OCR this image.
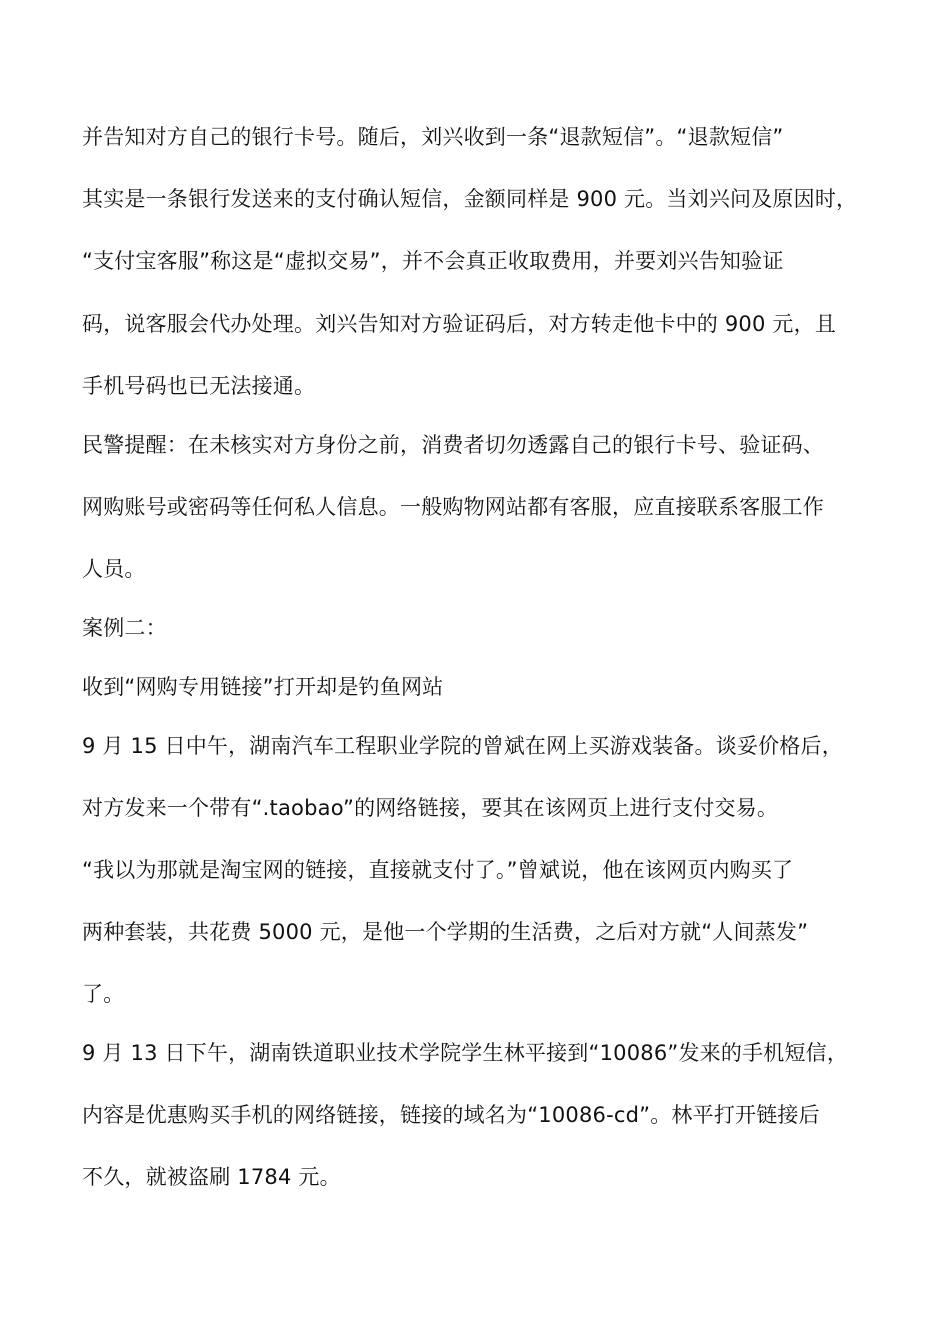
并告知对方自己的银行卡号。随后，刘兴收到一条“退款短信”。“退款短信”
其实是一条银行发送来的支付确认短信，金额同样是 900 元。当刘兴问及原因时，
“支付宝客服”称这是“虚拟交易”，并不会真正收取费用，并要刘兴告知验证
码，说客服会代办处理。刘兴告知对方验证码后，对方转走他卡中的 900 元，且
手机号码也已无法接通。
民警提醒：在未核实对方身份之前，消费者切勿透露自己的银行卡号、验证码、
网购账号或密码等任何私人信息。一般购物网站都有客服，应直接联系客服工作
人员。
案例二：
收到“网购专用链接”打开却是钓鱼网站
9 月 15 日中午，湖南汽车工程职业学院的曾斌在网上买游戏装备。谈妥价格后，
对方发来一个带有“.taobao”的网络链接，要其在该网页上进行支付交易。
“我以为那就是淘宝网的链接，直接就支付了。”曾斌说，他在该网页内购买了
两种套装，共花费 5000 元，是他一个学期的生活费，之后对方就“人间蒸发”
了。
9 月 13 日下午，湖南铁道职业技术学院学生林平接到“10086”发来的手机短信，
内容是优惠购买手机的网络链接，链接的域名为“10086-cd”。林平打开链接后
不久，就被盗刷 1784 元。
